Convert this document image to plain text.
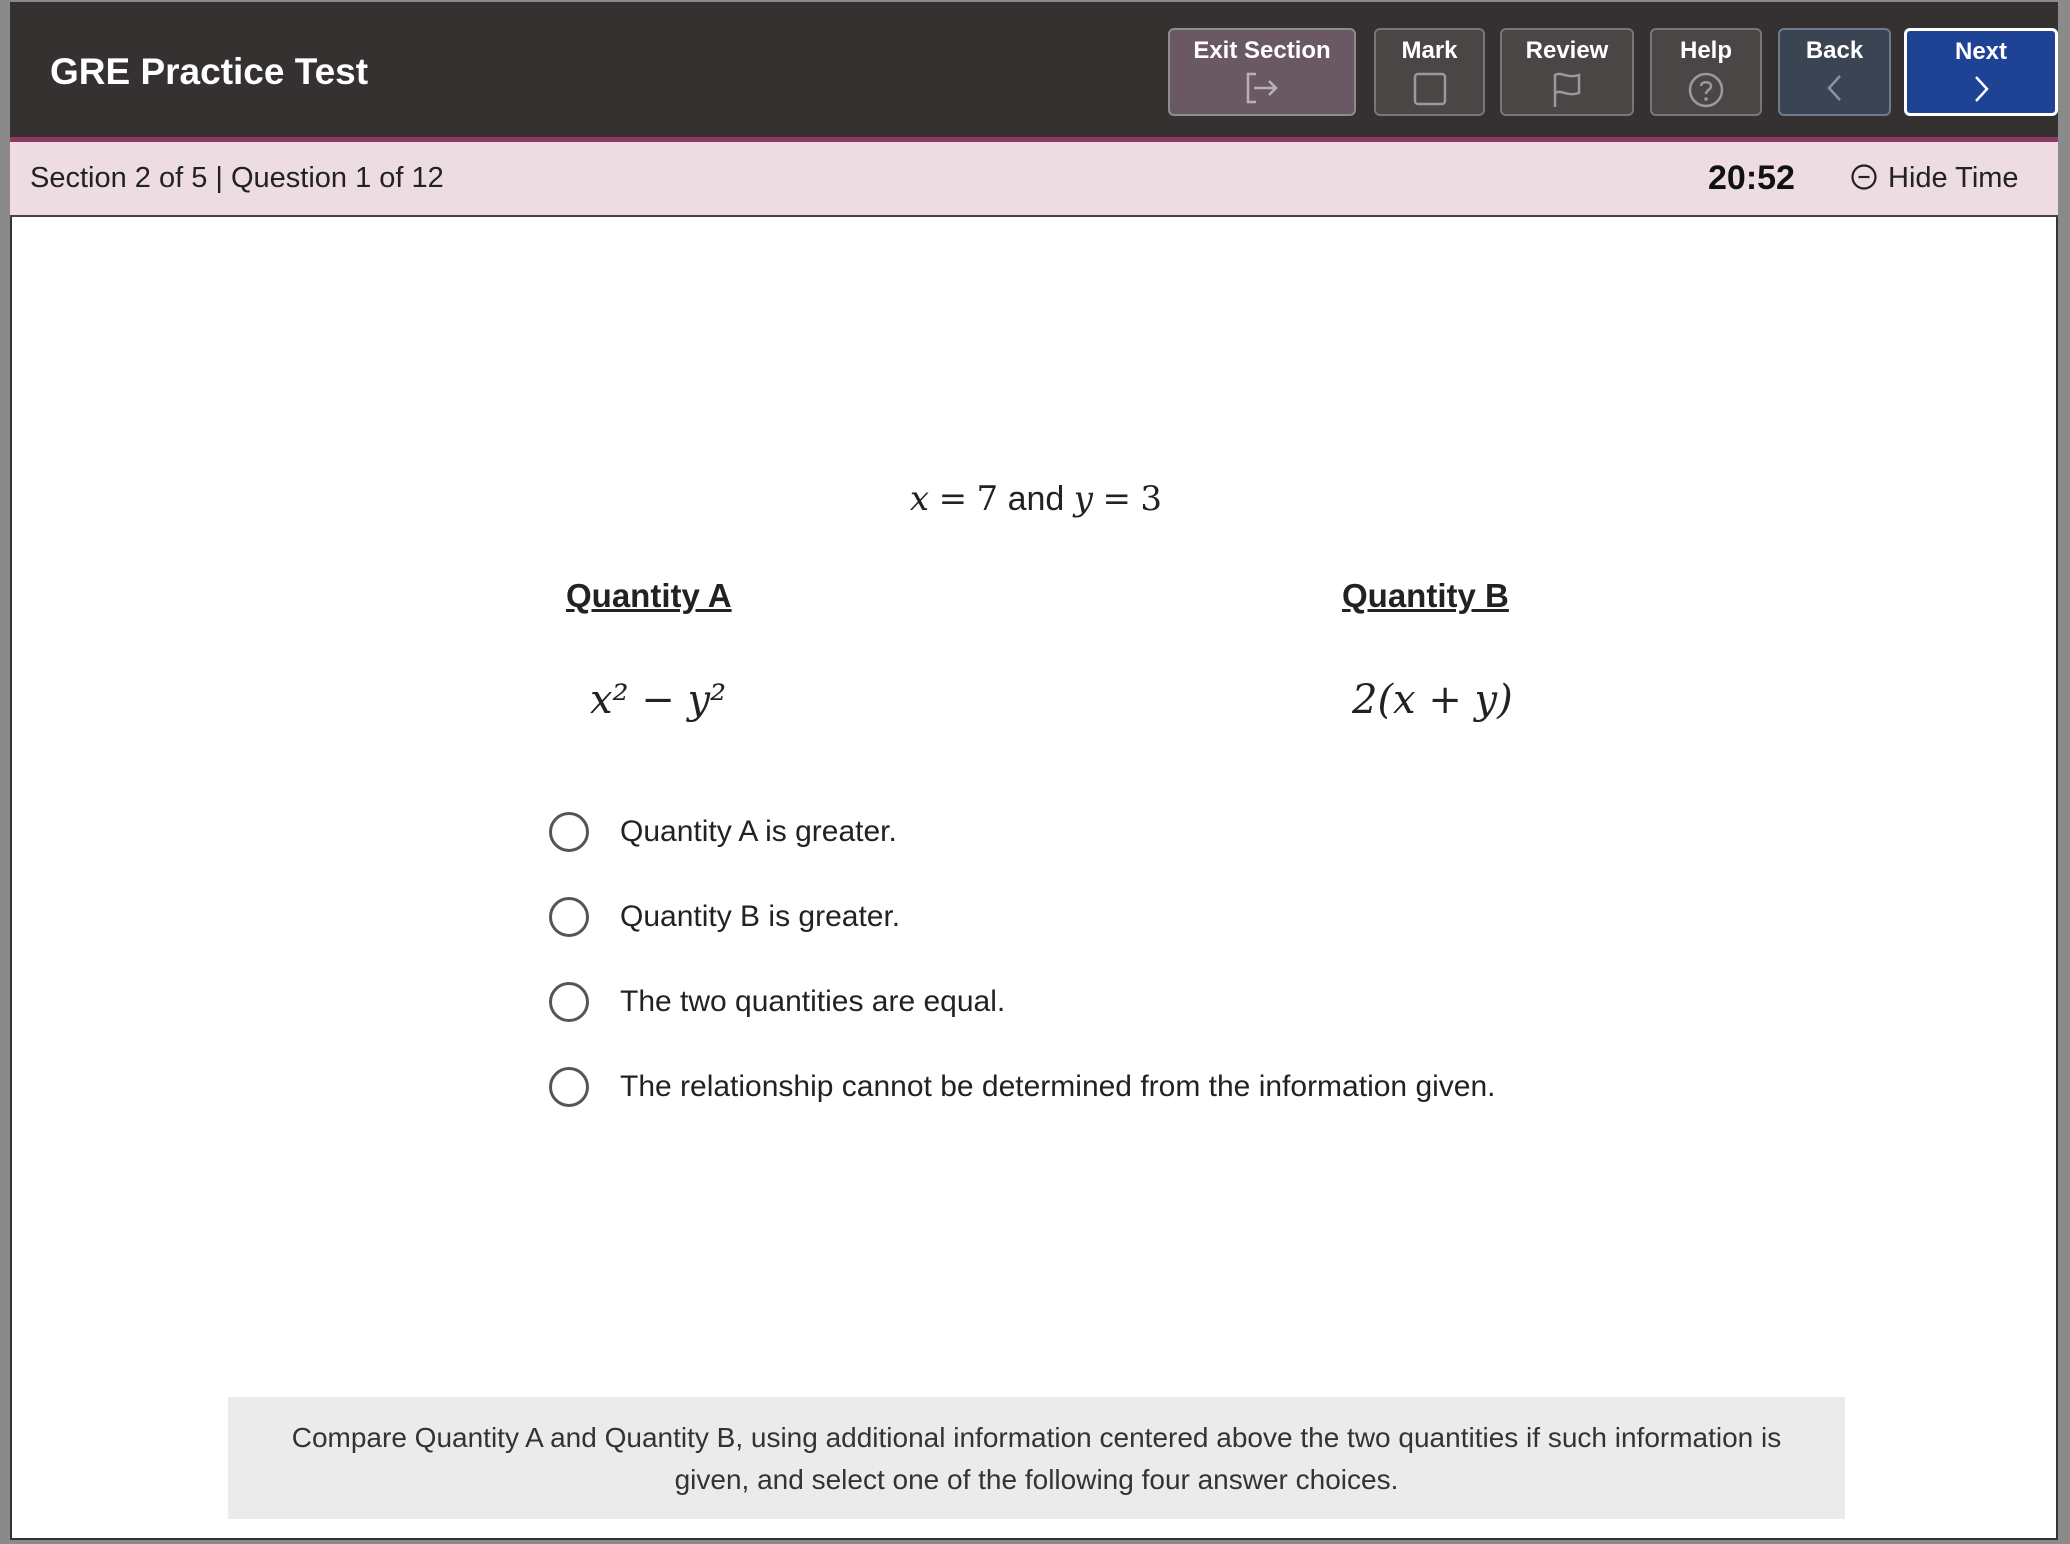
GRE Practice Test
Exit Section	Mark	Review	Help	Back	Next
Section 2 of 5 | Question 1 of 12	20:52	Hide Time
x = 7 and y = 3
Quantity A	Quantity B
x² − y²	2(x + y)
Quantity A is greater.
Quantity B is greater.
The two quantities are equal.
The relationship cannot be determined from the information given.
Compare Quantity A and Quantity B, using additional information centered above the two quantities if such information is given, and select one of the following four answer choices.
